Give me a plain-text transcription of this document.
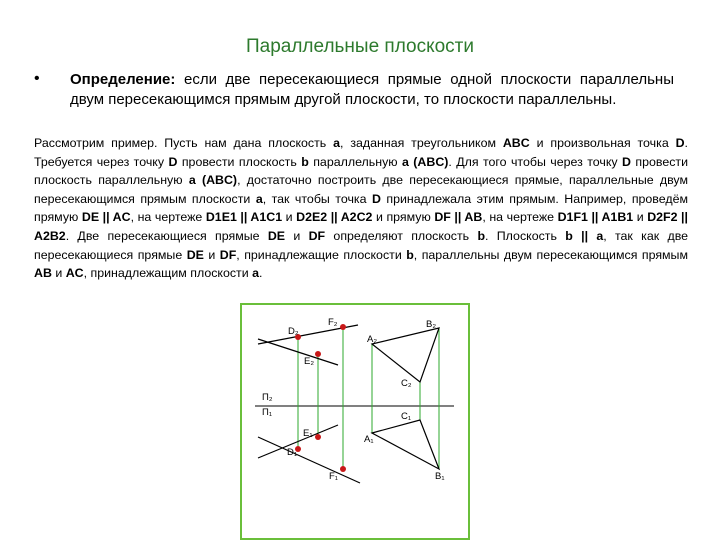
Параллельные плоскости
• Определение: если две пересекающиеся прямые одной плоскости параллельны двум пересекающимся прямым другой плоскости, то плоскости параллельны.
Рассмотрим пример. Пусть нам дана плоскость a, заданная треугольником ABC и произвольная точка D. Требуется через точку D провести плоскость b параллельную a (ABC). Для того чтобы через точку D провести плоскость параллельную a (ABC), достаточно построить две пересекающиеся прямые, параллельные двум пересекающимся прямым плоскости a, так чтобы точка D принадлежала этим прямым. Например, проведём прямую DE || AC, на чертеже D1E1 || A1C1 и D2E2 || A2C2 и прямую DF || AB, на чертеже D1F1 || A1B1 и D2F2 || A2B2. Две пересекающиеся прямые DE и DF определяют плоскость b. Плоскость b || a, так как две пересекающиеся прямые DE и DF, принадлежащие плоскости b, параллельны двум пересекающимся прямым AB и AC, принадлежащим плоскости a.
П₂
П₁
D₂
F₂
E₂
A₂
B₂
C₂
E₁
D₁
F₁
A₁
C₁
B₁
